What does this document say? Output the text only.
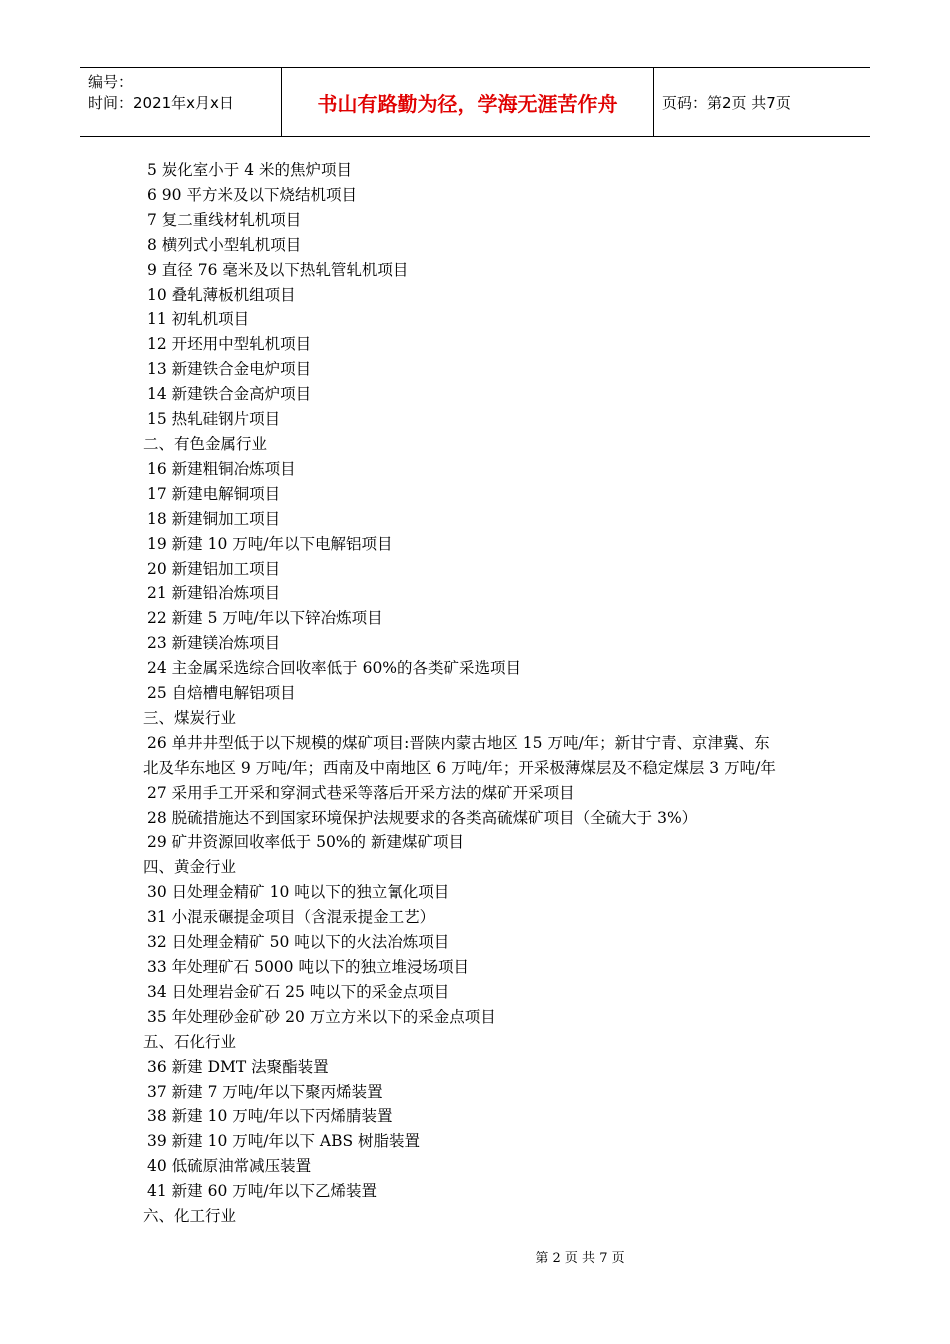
编号：
时间：2021年x月x日	书山有路勤为径，学海无涯苦作舟	页码：第2页 共7页
5 炭化室小于 4 米的焦炉项目
6 90 平方米及以下烧结机项目
7 复二重线材轧机项目
8 横列式小型轧机项目
9 直径 76 毫米及以下热轧管轧机项目
10 叠轧薄板机组项目
11 初轧机项目
12 开坯用中型轧机项目
13 新建铁合金电炉项目
14 新建铁合金高炉项目
15 热轧硅钢片项目
二、有色金属行业
16 新建粗铜冶炼项目
17 新建电解铜项目
18 新建铜加工项目
19 新建 10 万吨/年以下电解铝项目
20 新建铝加工项目
21 新建铅冶炼项目
22 新建 5 万吨/年以下锌冶炼项目
23 新建镁冶炼项目
24 主金属采选综合回收率低于 60%的各类矿采选项目
25 自焙槽电解铝项目
三、煤炭行业
26 单井井型低于以下规模的煤矿项目:晋陕内蒙古地区 15 万吨/年；新甘宁青、京津冀、东
北及华东地区 9 万吨/年；西南及中南地区 6 万吨/年；开采极薄煤层及不稳定煤层 3 万吨/年
27 采用手工开采和穿洞式巷采等落后开采方法的煤矿开采项目
28 脱硫措施达不到国家环境保护法规要求的各类高硫煤矿项目（全硫大于 3%）
29 矿井资源回收率低于 50%的 新建煤矿项目
四、黄金行业
30 日处理金精矿 10 吨以下的独立氰化项目
31 小混汞碾提金项目（含混汞提金工艺）
32 日处理金精矿 50 吨以下的火法冶炼项目
33 年处理矿石 5000 吨以下的独立堆浸场项目
34 日处理岩金矿石 25 吨以下的采金点项目
35 年处理砂金矿砂 20 万立方米以下的采金点项目
五、石化行业
36 新建 DMT 法聚酯装置
37 新建 7 万吨/年以下聚丙烯装置
38 新建 10 万吨/年以下丙烯腈装置
39 新建 10 万吨/年以下 ABS 树脂装置
40 低硫原油常减压装置
41 新建 60 万吨/年以下乙烯装置
六、化工行业
第 2 页 共 7 页
